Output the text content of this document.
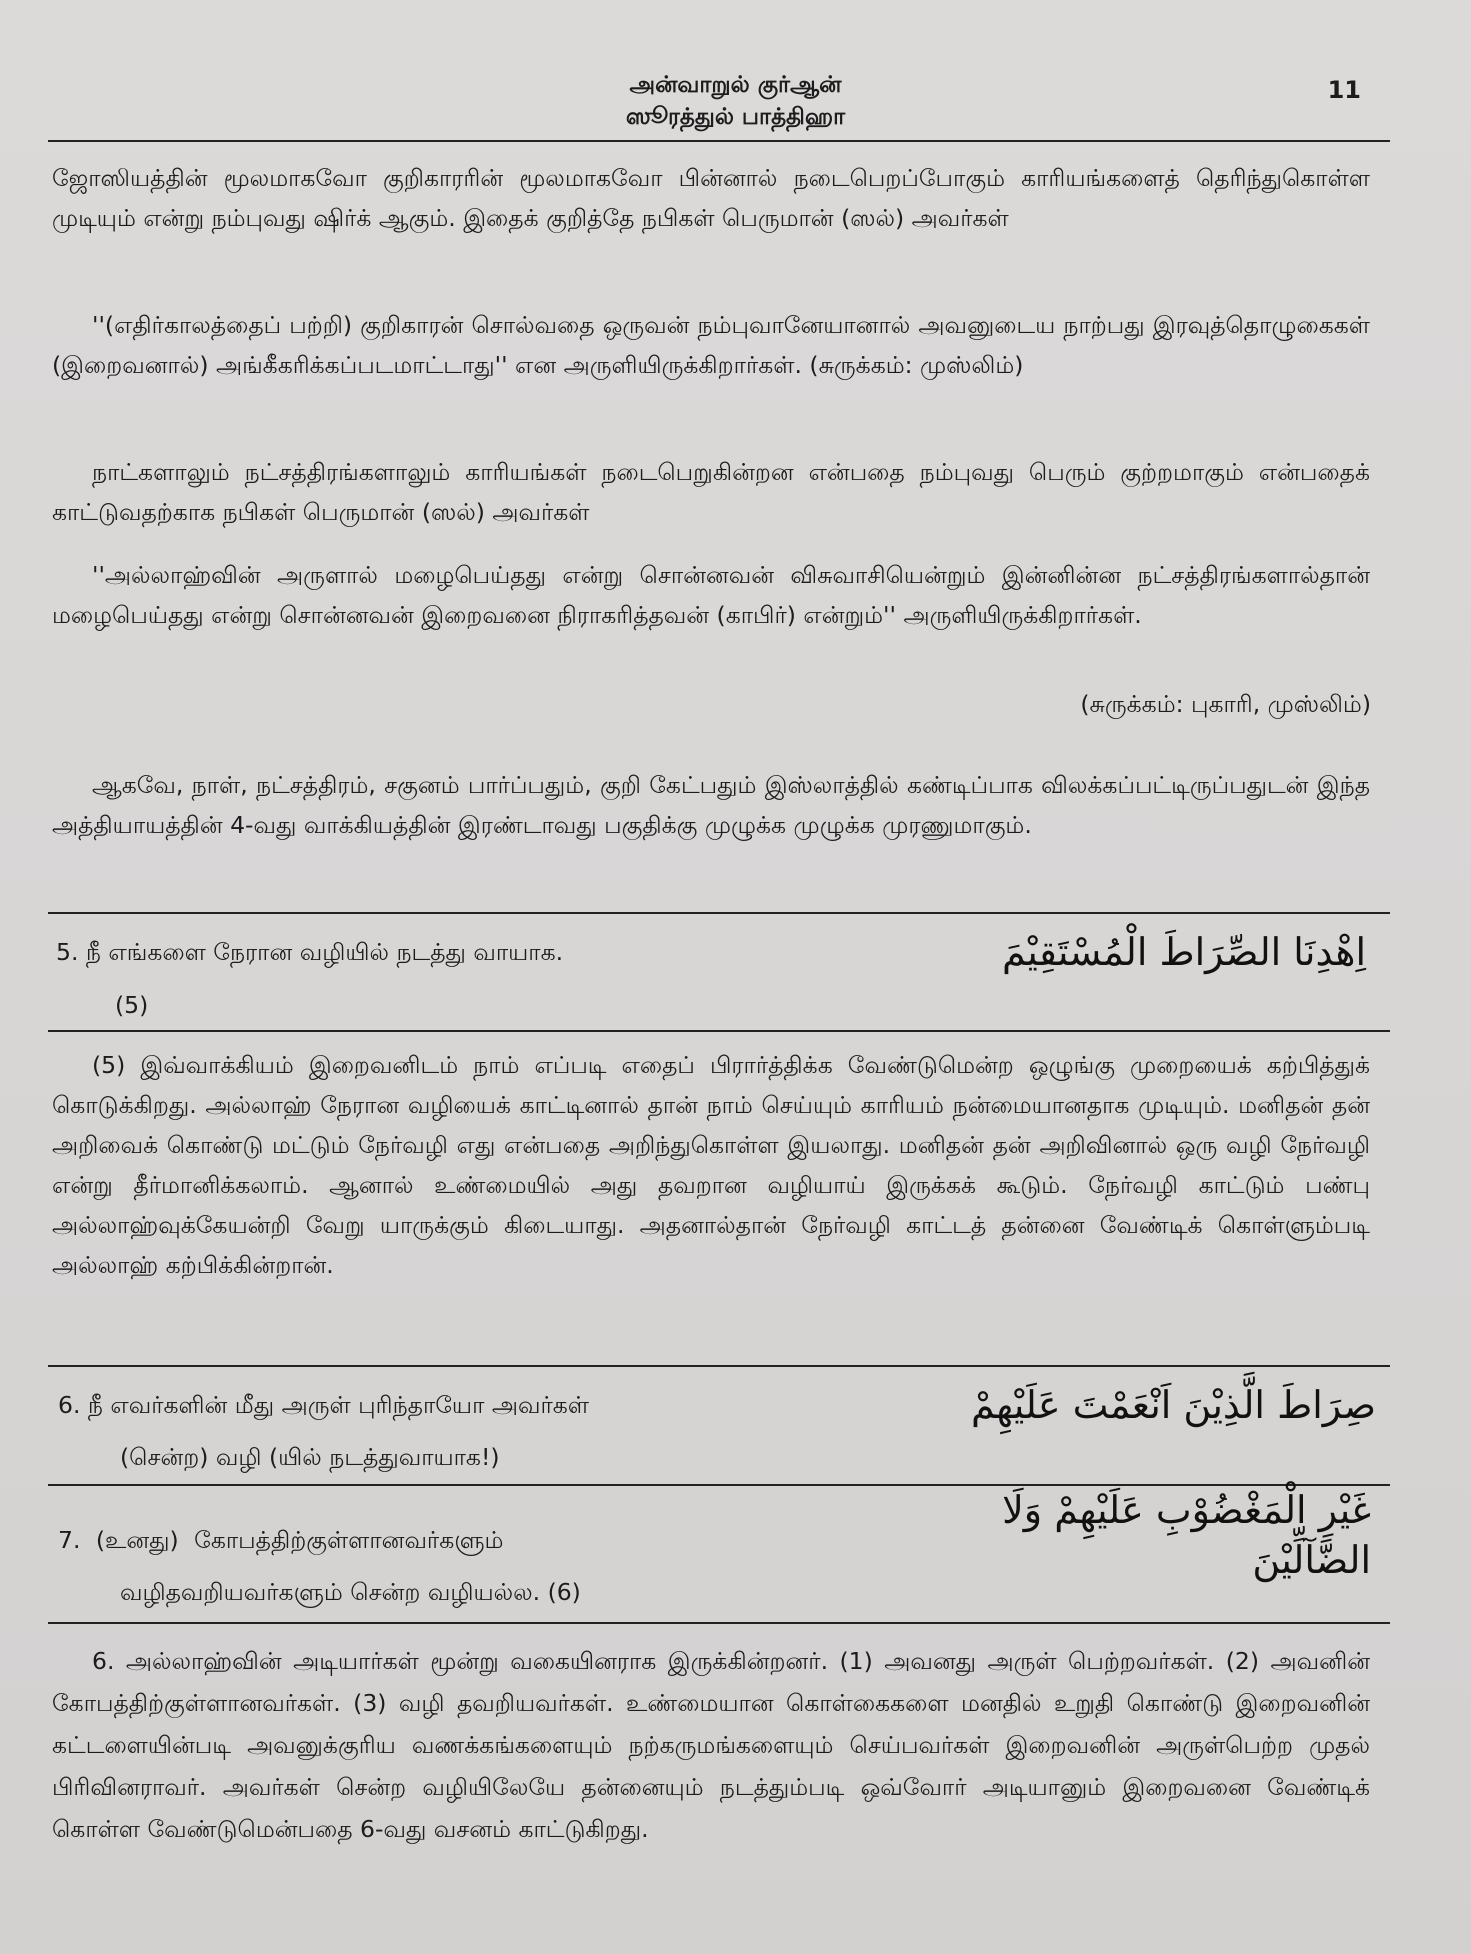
அன்வாறுல் குர்ஆன்
ஸூரத்துல் பாத்திஹா
11
ஜோஸியத்தின் மூலமாகவோ குறிகாரரின் மூலமாகவோ பின்னால் நடைபெறப்போகும் காரியங்களைத் தெரிந்துகொள்ள முடியும் என்று நம்புவது ஷிர்க் ஆகும். இதைக் குறித்தே நபிகள் பெருமான் (ஸல்) அவர்கள்
''(எதிர்காலத்தைப் பற்றி) குறிகாரன் சொல்வதை ஒருவன் நம்புவானேயானால் அவனுடைய நாற்பது இரவுத்தொழுகைகள் (இறைவனால்) அங்கீகரிக்கப்படமாட்டாது'' என அருளியிருக்கிறார்கள். (சுருக்கம்: முஸ்லிம்)
நாட்களாலும் நட்சத்திரங்களாலும் காரியங்கள் நடைபெறுகின்றன என்பதை நம்புவது பெரும் குற்றமாகும் என்பதைக் காட்டுவதற்காக நபிகள் பெருமான் (ஸல்) அவர்கள்
''அல்லாஹ்வின் அருளால் மழைபெய்தது என்று சொன்னவன் விசுவாசியென்றும் இன்னின்ன நட்சத்திரங்களால்தான் மழைபெய்தது என்று சொன்னவன் இறைவனை நிராகரித்தவன் (காபிர்) என்றும்'' அருளியிருக்கிறார்கள்.
(சுருக்கம்: புகாரி, முஸ்லிம்)
ஆகவே, நாள், நட்சத்திரம், சகுனம் பார்ப்பதும், குறி கேட்பதும் இஸ்லாத்தில் கண்டிப்பாக விலக்கப்பட்டிருப்பதுடன் இந்த அத்தியாயத்தின் 4-வது வாக்கியத்தின் இரண்டாவது பகுதிக்கு முழுக்க முழுக்க முரணுமாகும்.
5. நீ எங்களை நேரான வழியில் நடத்து வாயாக.
(5)
اِهْدِنَا الصِّرَاطَ الْمُسْتَقِيْمَ
(5) இவ்வாக்கியம் இறைவனிடம் நாம் எப்படி எதைப் பிரார்த்திக்க வேண்டுமென்ற ஒழுங்கு முறையைக் கற்பித்துக் கொடுக்கிறது. அல்லாஹ் நேரான வழியைக் காட்டினால் தான் நாம் செய்யும் காரியம் நன்மையானதாக முடியும். மனிதன் தன் அறிவைக் கொண்டு மட்டும் நேர்வழி எது என்பதை அறிந்துகொள்ள இயலாது. மனிதன் தன் அறிவினால் ஒரு வழி நேர்வழி என்று தீர்மானிக்கலாம். ஆனால் உண்மையில் அது தவறான வழியாய் இருக்கக் கூடும். நேர்வழி காட்டும் பண்பு அல்லாஹ்வுக்கேயன்றி வேறு யாருக்கும் கிடையாது. அதனால்தான் நேர்வழி காட்டத் தன்னை வேண்டிக் கொள்ளும்படி அல்லாஹ் கற்பிக்கின்றான்.
6. நீ எவர்களின் மீது அருள் புரிந்தாயோ அவர்கள்
(சென்ற) வழி (யில் நடத்துவாயாக!)
صِرَاطَ الَّذِيْنَ اَنْعَمْتَ عَلَيْهِمْ
7. (உனது) கோபத்திற்குள்ளானவர்களும்
வழிதவறியவர்களும் சென்ற வழியல்ல. (6)
غَيْرِ الْمَغْضُوْبِ عَلَيْهِمْ وَلَا
الضَّآلِّيْنَ
6. அல்லாஹ்வின் அடியார்கள் மூன்று வகையினராக இருக்கின்றனர். (1) அவனது அருள் பெற்றவர்கள். (2) அவனின் கோபத்திற்குள்ளானவர்கள். (3) வழி தவறியவர்கள். உண்மையான கொள்கைகளை மனதில் உறுதி கொண்டு இறைவனின் கட்டளையின்படி அவனுக்குரிய வணக்கங்களையும் நற்கருமங்களையும் செய்பவர்கள் இறைவனின் அருள்பெற்ற முதல் பிரிவினராவர். அவர்கள் சென்ற வழியிலேயே தன்னையும் நடத்தும்படி ஒவ்வோர் அடியானும் இறைவனை வேண்டிக் கொள்ள வேண்டுமென்பதை 6-வது வசனம் காட்டுகிறது.
